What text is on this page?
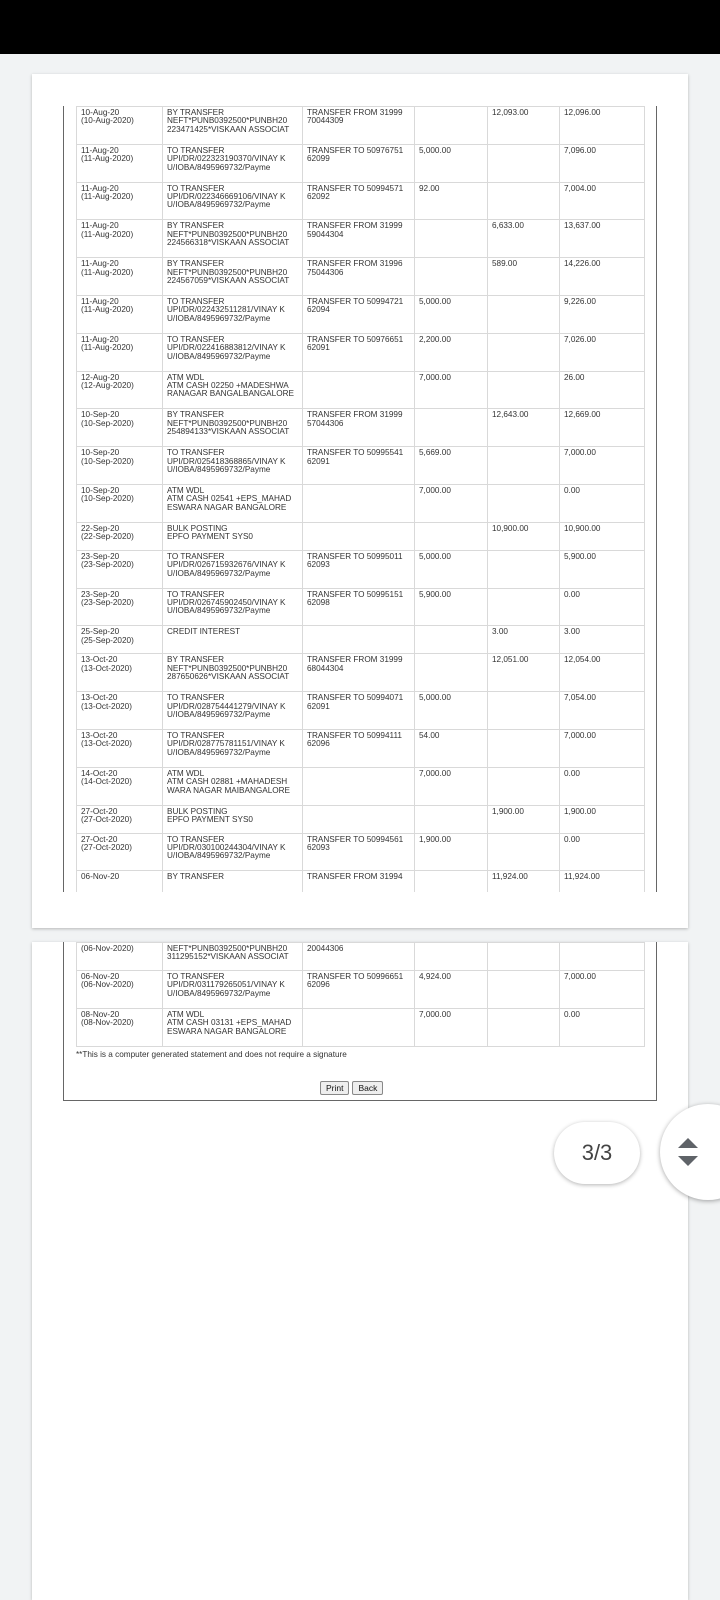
10-Aug-20
(10-Aug-2020)	BY TRANSFER
NEFT*PUNB0392500*PUNBH20
223471425*VISKAAN ASSOCIAT	TRANSFER FROM 31999
70044309		12,093.00	12,096.00
11-Aug-20
(11-Aug-2020)	TO TRANSFER
UPI/DR/022323190370/VINAY K
U/IOBA/8495969732/Payme	TRANSFER TO 50976751
62099	5,000.00		7,096.00
11-Aug-20
(11-Aug-2020)	TO TRANSFER
UPI/DR/022346669106/VINAY K
U/IOBA/8495969732/Payme	TRANSFER TO 50994571
62092	92.00		7,004.00
11-Aug-20
(11-Aug-2020)	BY TRANSFER
NEFT*PUNB0392500*PUNBH20
224566318*VISKAAN ASSOCIAT	TRANSFER FROM 31999
59044304		6,633.00	13,637.00
11-Aug-20
(11-Aug-2020)	BY TRANSFER
NEFT*PUNB0392500*PUNBH20
224567059*VISKAAN ASSOCIAT	TRANSFER FROM 31996
75044306		589.00	14,226.00
11-Aug-20
(11-Aug-2020)	TO TRANSFER
UPI/DR/022432511281/VINAY K
U/IOBA/8495969732/Payme	TRANSFER TO 50994721
62094	5,000.00		9,226.00
11-Aug-20
(11-Aug-2020)	TO TRANSFER
UPI/DR/022416883812/VINAY K
U/IOBA/8495969732/Payme	TRANSFER TO 50976651
62091	2,200.00		7,026.00
12-Aug-20
(12-Aug-2020)	ATM WDL
ATM CASH 02250 +MADESHWA
RANAGAR BANGALBANGALORE		7,000.00		26.00
10-Sep-20
(10-Sep-2020)	BY TRANSFER
NEFT*PUNB0392500*PUNBH20
254894133*VISKAAN ASSOCIAT	TRANSFER FROM 31999
57044306		12,643.00	12,669.00
10-Sep-20
(10-Sep-2020)	TO TRANSFER
UPI/DR/025418368865/VINAY K
U/IOBA/8495969732/Payme	TRANSFER TO 50995541
62091	5,669.00		7,000.00
10-Sep-20
(10-Sep-2020)	ATM WDL
ATM CASH 02541 +EPS_MAHAD
ESWARA NAGAR BANGALORE		7,000.00		0.00
22-Sep-20
(22-Sep-2020)	BULK POSTING
EPFO PAYMENT SYS0			10,900.00	10,900.00
23-Sep-20
(23-Sep-2020)	TO TRANSFER
UPI/DR/026715932676/VINAY K
U/IOBA/8495969732/Payme	TRANSFER TO 50995011
62093	5,000.00		5,900.00
23-Sep-20
(23-Sep-2020)	TO TRANSFER
UPI/DR/026745902450/VINAY K
U/IOBA/8495969732/Payme	TRANSFER TO 50995151
62098	5,900.00		0.00
25-Sep-20
(25-Sep-2020)	CREDIT INTEREST			3.00	3.00
13-Oct-20
(13-Oct-2020)	BY TRANSFER
NEFT*PUNB0392500*PUNBH20
287650626*VISKAAN ASSOCIAT	TRANSFER FROM 31999
68044304		12,051.00	12,054.00
13-Oct-20
(13-Oct-2020)	TO TRANSFER
UPI/DR/028754441279/VINAY K
U/IOBA/8495969732/Payme	TRANSFER TO 50994071
62091	5,000.00		7,054.00
13-Oct-20
(13-Oct-2020)	TO TRANSFER
UPI/DR/028775781151/VINAY K
U/IOBA/8495969732/Payme	TRANSFER TO 50994111
62096	54.00		7,000.00
14-Oct-20
(14-Oct-2020)	ATM WDL
ATM CASH 02881 +MAHADESH
WARA NAGAR MAIBANGALORE		7,000.00		0.00
27-Oct-20
(27-Oct-2020)	BULK POSTING
EPFO PAYMENT SYS0			1,900.00	1,900.00
27-Oct-20
(27-Oct-2020)	TO TRANSFER
UPI/DR/030100244304/VINAY K
U/IOBA/8495969732/Payme	TRANSFER TO 50994561
62093	1,900.00		0.00
06-Nov-20	BY TRANSFER	TRANSFER FROM 31994		11,924.00	11,924.00
(06-Nov-2020)	NEFT*PUNB0392500*PUNBH20
311295152*VISKAAN ASSOCIAT	20044306			
06-Nov-20
(06-Nov-2020)	TO TRANSFER
UPI/DR/031179265051/VINAY K
U/IOBA/8495969732/Payme	TRANSFER TO 50996651
62096	4,924.00		7,000.00
08-Nov-20
(08-Nov-2020)	ATM WDL
ATM CASH 03131 +EPS_MAHAD
ESWARA NAGAR BANGALORE		7,000.00		0.00
**This is a computer generated statement and does not require a signature
Print	Back
3/3
